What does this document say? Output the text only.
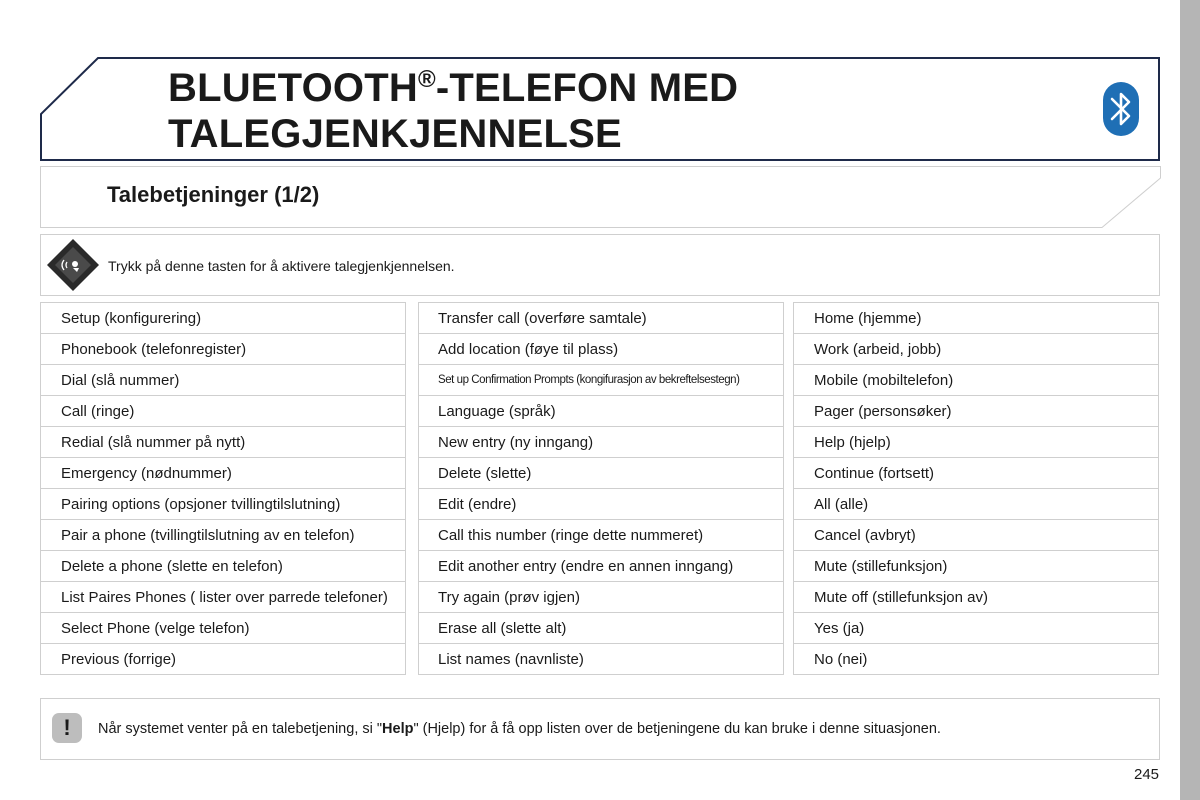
BLUETOOTH®-TELEFON MED
TALEGJENKJENNELSE
Talebetjeninger (1/2)
Trykk på denne tasten for å aktivere talegjenkjennelsen.
Setup (konfigurering)
Phonebook (telefonregister)
Dial (slå nummer)
Call (ringe)
Redial (slå nummer på nytt)
Emergency (nødnummer)
Pairing options (opsjoner tvillingtilslutning)
Pair a phone (tvillingtilslutning av en telefon)
Delete a phone (slette en telefon)
List Paires Phones ( lister over parrede telefoner)
Select Phone (velge telefon)
Previous (forrige)
Transfer call (overføre samtale)
Add location (føye til plass)
Set up Confirmation Prompts (kongifurasjon av bekreftelsestegn)
Language (språk)
New entry (ny inngang)
Delete (slette)
Edit (endre)
Call this number (ringe dette nummeret)
Edit another entry (endre en annen inngang)
Try again (prøv igjen)
Erase all (slette alt)
List names (navnliste)
Home (hjemme)
Work (arbeid, jobb)
Mobile (mobiltelefon)
Pager (personsøker)
Help (hjelp)
Continue (fortsett)
All (alle)
Cancel (avbryt)
Mute (stillefunksjon)
Mute off (stillefunksjon av)
Yes (ja)
No (nei)
!	Når systemet venter på en talebetjening, si "Help" (Hjelp) for å få opp listen over de betjeningene du kan bruke i denne situasjonen.
245
